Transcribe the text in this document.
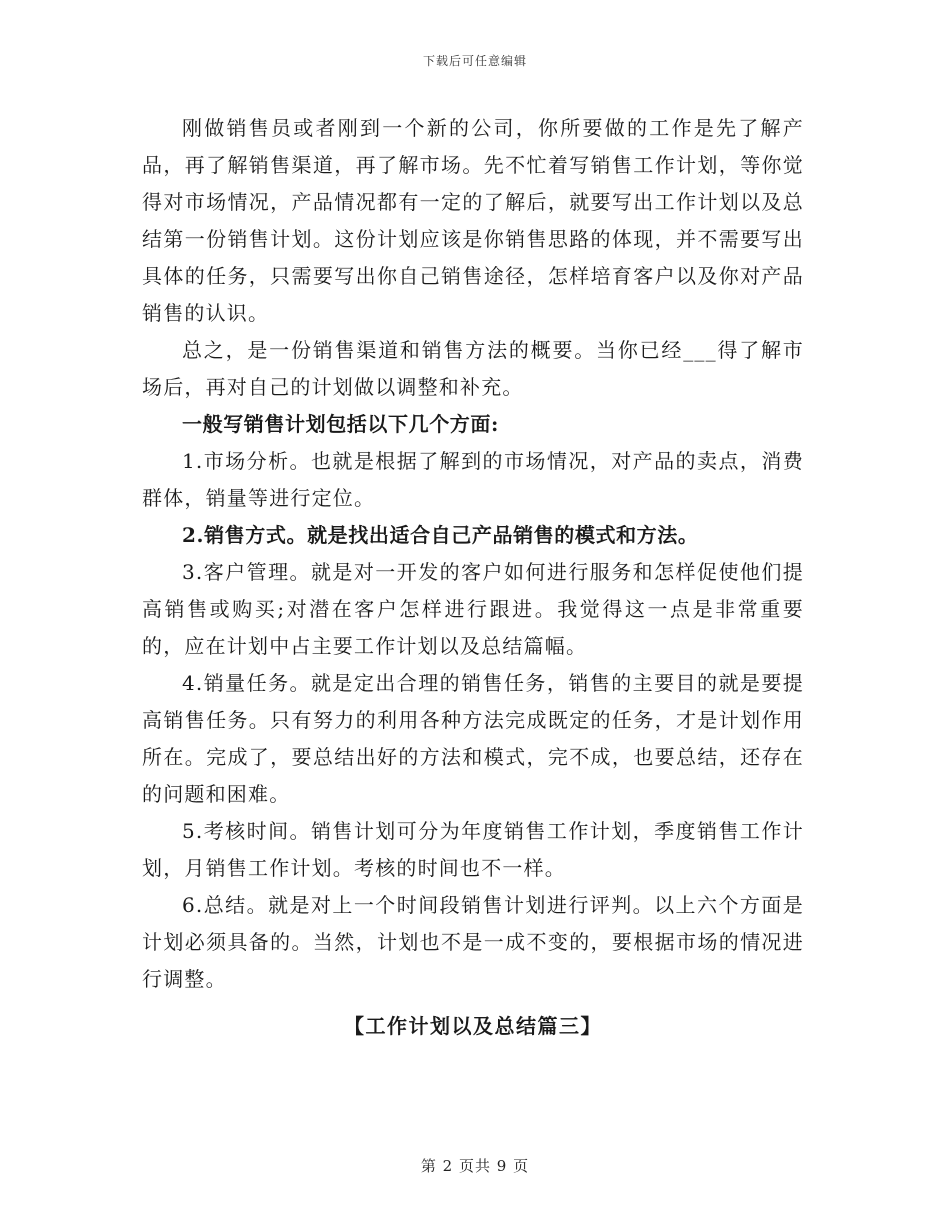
下载后可任意编辑

刚做销售员或者刚到一个新的公司，你所要做的工作是先了解产品，再了解销售渠道，再了解市场。先不忙着写销售工作计划，等你觉得对市场情况，产品情况都有一定的了解后，就要写出工作计划以及总结第一份销售计划。这份计划应该是你销售思路的体现，并不需要写出具体的任务，只需要写出你自己销售途径，怎样培育客户以及你对产品销售的认识。

总之，是一份销售渠道和销售方法的概要。当你已经___得了解市场后，再对自己的计划做以调整和补充。

一般写销售计划包括以下几个方面:

1.市场分析。也就是根据了解到的市场情况，对产品的卖点，消费群体，销量等进行定位。

2.销售方式。就是找出适合自己产品销售的模式和方法。

3.客户管理。就是对一开发的客户如何进行服务和怎样促使他们提高销售或购买;对潜在客户怎样进行跟进。我觉得这一点是非常重要的，应在计划中占主要工作计划以及总结篇幅。

4.销量任务。就是定出合理的销售任务，销售的主要目的就是要提高销售任务。只有努力的利用各种方法完成既定的任务，才是计划作用所在。完成了，要总结出好的方法和模式，完不成，也要总结，还存在的问题和困难。

5.考核时间。销售计划可分为年度销售工作计划，季度销售工作计划，月销售工作计划。考核的时间也不一样。

6.总结。就是对上一个时间段销售计划进行评判。以上六个方面是计划必须具备的。当然，计划也不是一成不变的，要根据市场的情况进行调整。

【工作计划以及总结篇三】

第 2 页共 9 页
